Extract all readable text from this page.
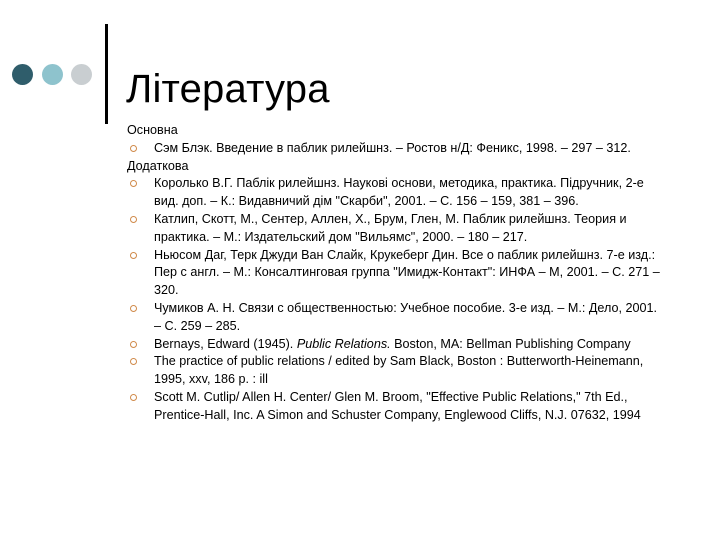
Література

Основна

Сэм Блэк. Введение в паблик рилейшнз. – Ростов н/Д: Феникс, 1998. – 297 – 312.

Додаткова

Королько В.Г. Паблік рилейшнз. Наукові основи, методика, практика. Підручник, 2-е вид. доп. – К.: Видавничий дім "Скарби", 2001. – С. 156 – 159, 381 – 396.
Катлип, Скотт, М., Сентер, Аллен, Х., Брум, Глен, М. Паблик рилейшнз. Теория и практика. – М.: Издательский дом "Вильямс", 2000. – 180 – 217.
Ньюсом Даг, Терк Джуди Ван Слайк, Крукеберг Дин. Все о паблик рилейшнз. 7-е изд.: Пер с англ. – М.: Консалтинговая группа "Имидж-Контакт": ИНФА – М, 2001. – С. 271 – 320.
Чумиков А. Н. Связи с общественностью: Учебное пособие. 3-е изд. – М.: Дело, 2001. – С. 259 – 285.
Bernays, Edward (1945). Public Relations. Boston, MA: Bellman Publishing Company
The practice of public relations / edited by Sam Black, Boston : Butterworth-Heinemann, 1995, xxv, 186 p. : ill
Scott M. Cutlip/ Allen H. Center/ Glen M. Broom, "Effective Public Relations," 7th Ed., Prentice-Hall, Inc. A Simon and Schuster Company, Englewood Cliffs, N.J. 07632, 1994
